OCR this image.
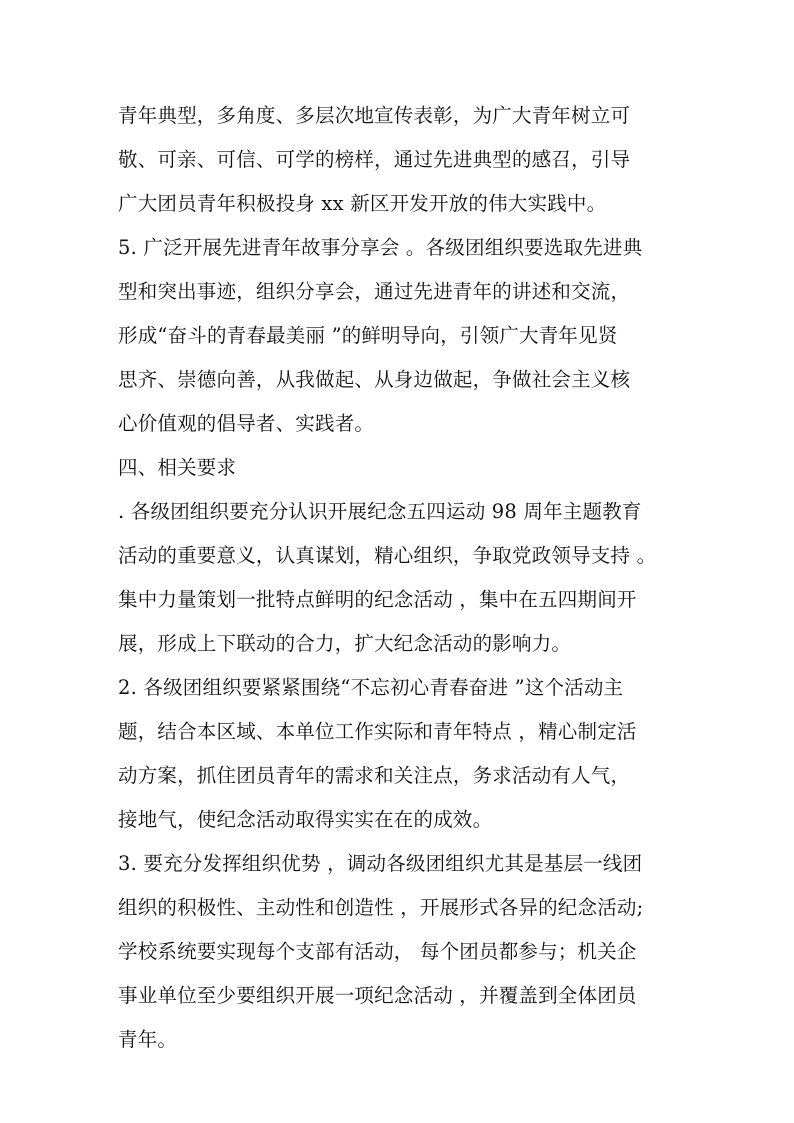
青年典型，多角度、多层次地宣传表彰，为广大青年树立可
敬、可亲、可信、可学的榜样，通过先进典型的感召，引导
广大团员青年积极投身 xx 新区开发开放的伟大实践中。
5. 广泛开展先进青年故事分享会 。各级团组织要选取先进典
型和突出事迹，组织分享会，通过先进青年的讲述和交流，
形成“奋斗的青春最美丽 ”的鲜明导向，引领广大青年见贤
思齐、崇德向善，从我做起、从身边做起，争做社会主义核
心价值观的倡导者、实践者。
四、相关要求
. 各级团组织要充分认识开展纪念五四运动 98 周年主题教育
活动的重要意义，认真谋划，精心组织，争取党政领导支持 。
集中力量策划一批特点鲜明的纪念活动 ，集中在五四期间开
展，形成上下联动的合力，扩大纪念活动的影响力。
2. 各级团组织要紧紧围绕“不忘初心青春奋进 ”这个活动主
题，结合本区域、本单位工作实际和青年特点 ，精心制定活
动方案，抓住团员青年的需求和关注点，务求活动有人气，
接地气，使纪念活动取得实实在在的成效。
3. 要充分发挥组织优势 ，调动各级团组织尤其是基层一线团
组织的积极性、主动性和创造性 ，开展形式各异的纪念活动;
学校系统要实现每个支部有活动， 每个团员都参与；机关企
事业单位至少要组织开展一项纪念活动 ，并覆盖到全体团员
青年。
